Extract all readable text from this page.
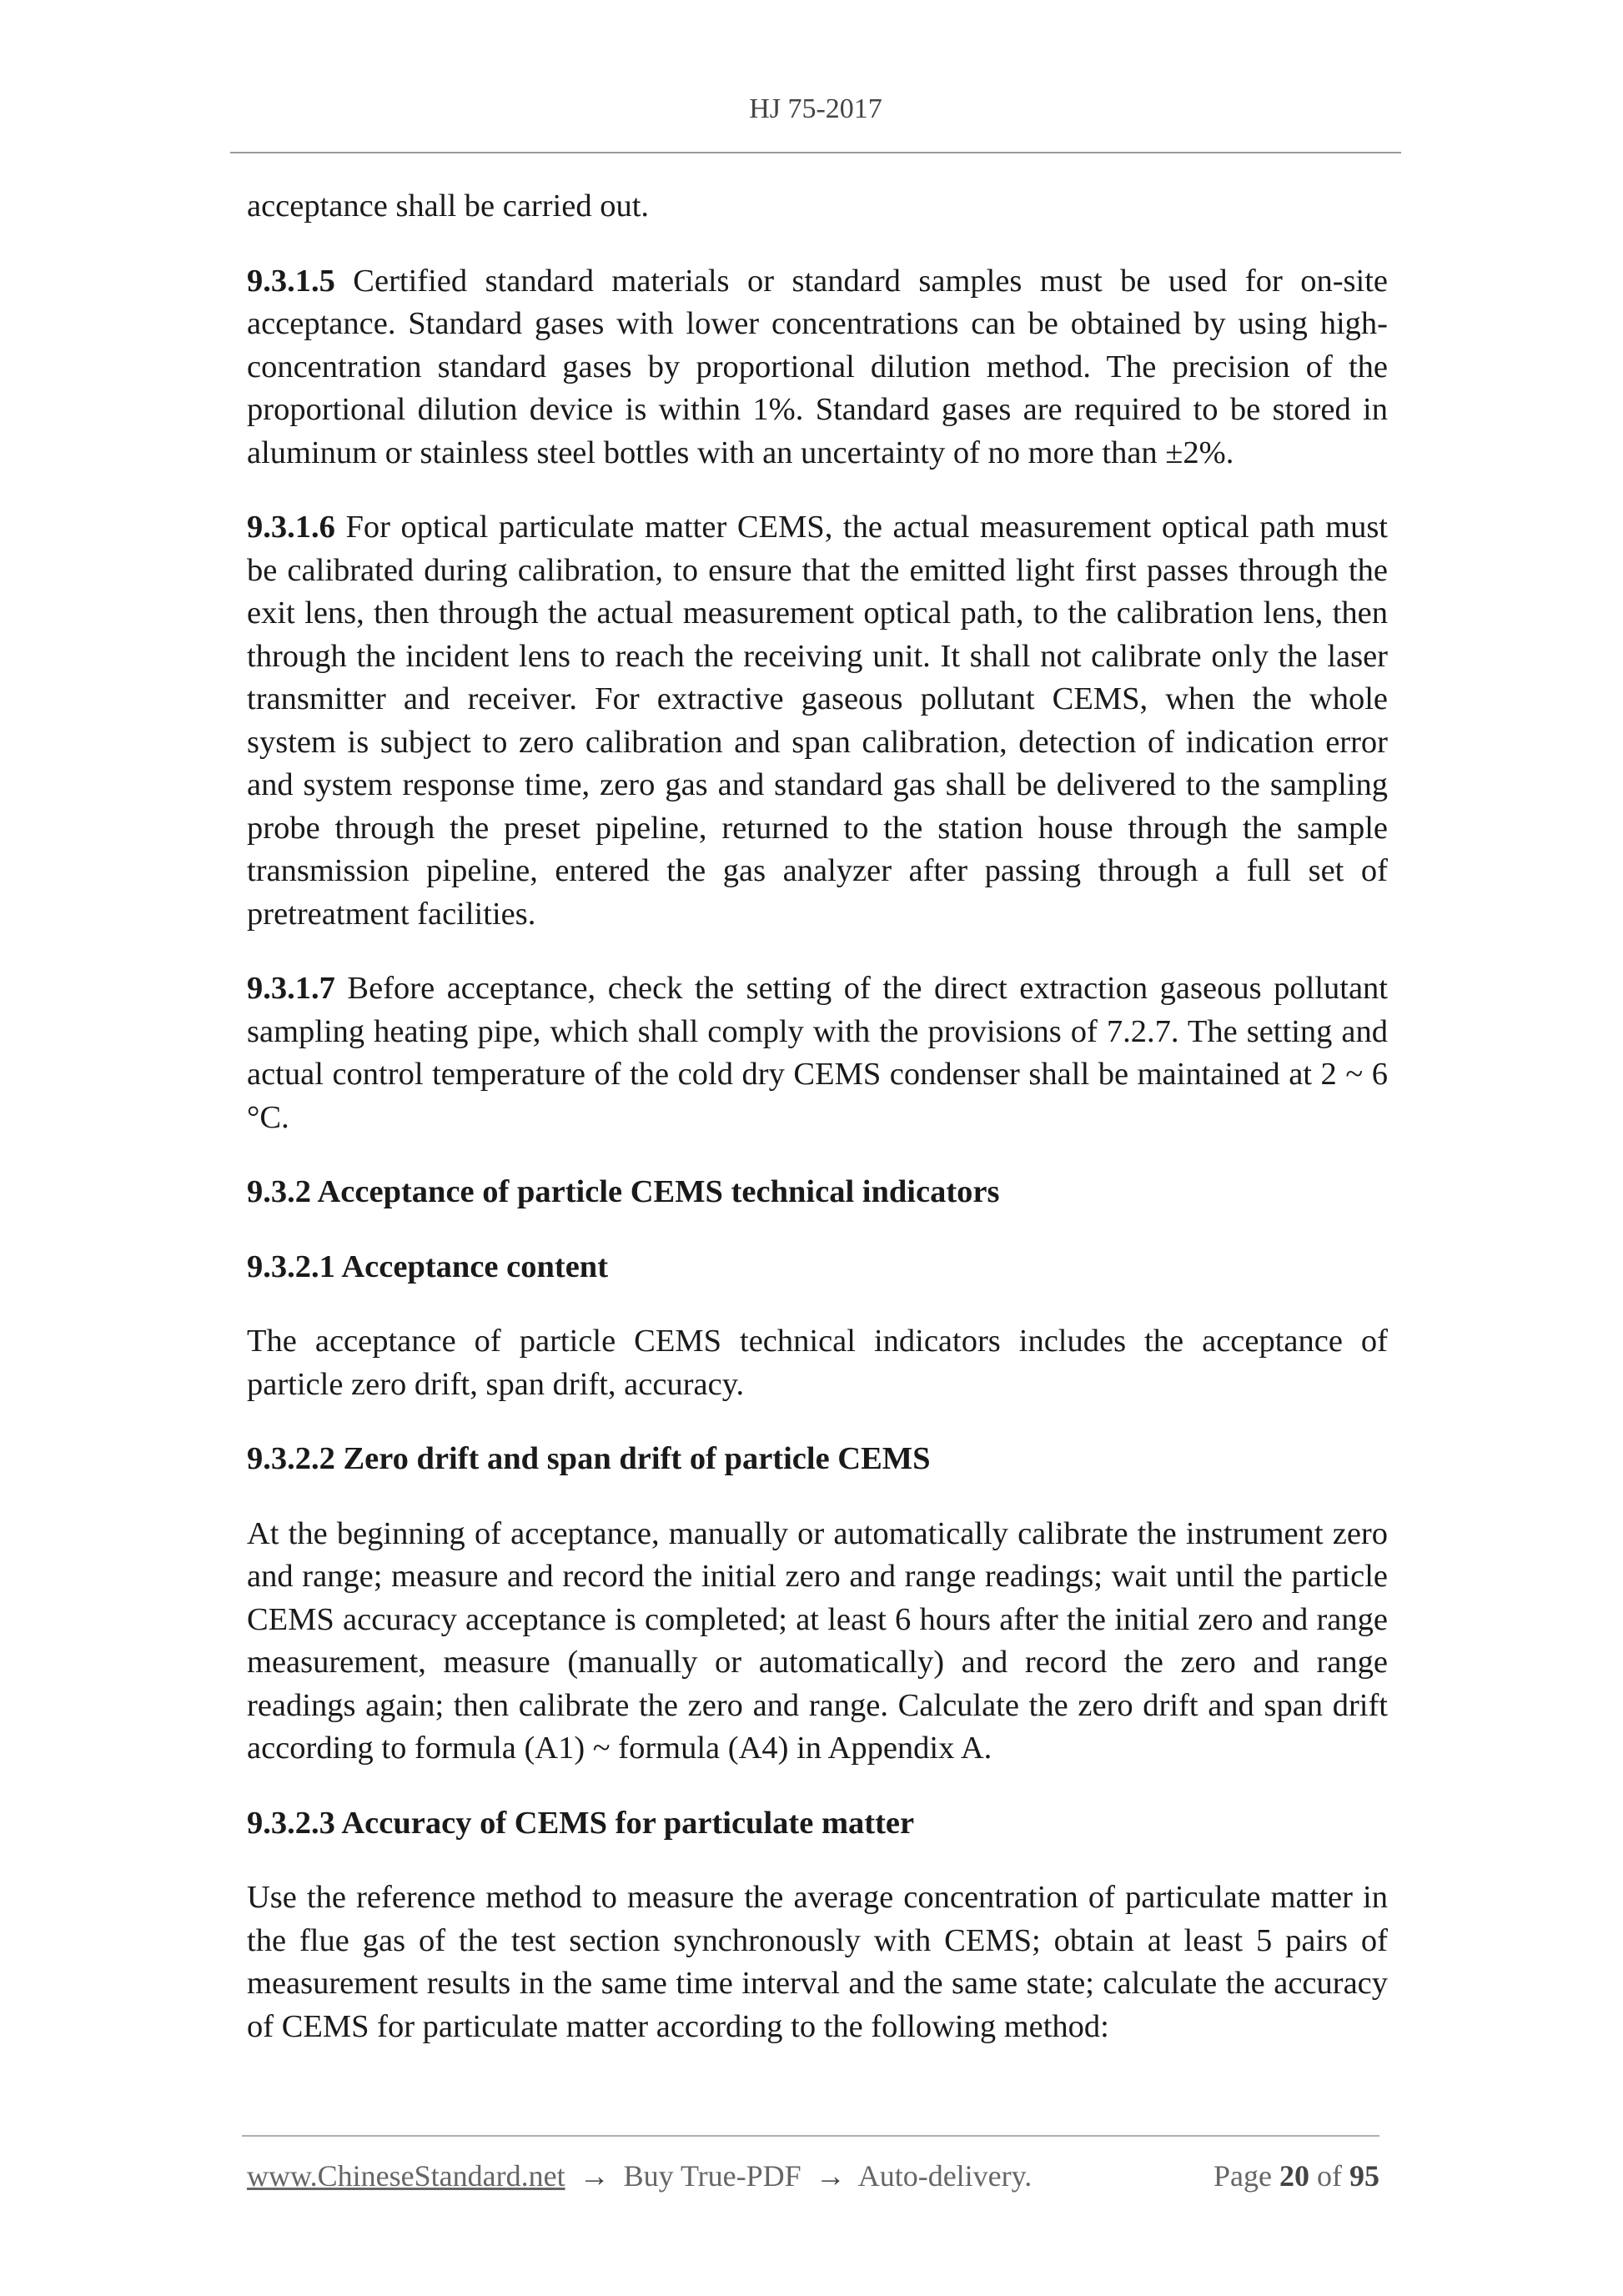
HJ 75-2017

acceptance shall be carried out.

9.3.1.5 Certified standard materials or standard samples must be used for on-site acceptance. Standard gases with lower concentrations can be obtained by using high-concentration standard gases by proportional dilution method. The precision of the proportional dilution device is within 1%. Standard gases are required to be stored in aluminum or stainless steel bottles with an uncertainty of no more than ±2%.

9.3.1.6 For optical particulate matter CEMS, the actual measurement optical path must be calibrated during calibration, to ensure that the emitted light first passes through the exit lens, then through the actual measurement optical path, to the calibration lens, then through the incident lens to reach the receiving unit. It shall not calibrate only the laser transmitter and receiver. For extractive gaseous pollutant CEMS, when the whole system is subject to zero calibration and span calibration, detection of indication error and system response time, zero gas and standard gas shall be delivered to the sampling probe through the preset pipeline, returned to the station house through the sample transmission pipeline, entered the gas analyzer after passing through a full set of pretreatment facilities.

9.3.1.7 Before acceptance, check the setting of the direct extraction gaseous pollutant sampling heating pipe, which shall comply with the provisions of 7.2.7. The setting and actual control temperature of the cold dry CEMS condenser shall be maintained at 2 ~ 6 °C.

9.3.2 Acceptance of particle CEMS technical indicators
9.3.2.1 Acceptance content

The acceptance of particle CEMS technical indicators includes the acceptance of particle zero drift, span drift, accuracy.

9.3.2.2 Zero drift and span drift of particle CEMS

At the beginning of acceptance, manually or automatically calibrate the instrument zero and range; measure and record the initial zero and range readings; wait until the particle CEMS accuracy acceptance is completed; at least 6 hours after the initial zero and range measurement, measure (manually or automatically) and record the zero and range readings again; then calibrate the zero and range. Calculate the zero drift and span drift according to formula (A1) ~ formula (A4) in Appendix A.

9.3.2.3 Accuracy of CEMS for particulate matter

Use the reference method to measure the average concentration of particulate matter in the flue gas of the test section synchronously with CEMS; obtain at least 5 pairs of measurement results in the same time interval and the same state; calculate the accuracy of CEMS for particulate matter according to the following method:

www.ChineseStandard.net → Buy True-PDF → Auto-delivery.	Page 20 of 95
